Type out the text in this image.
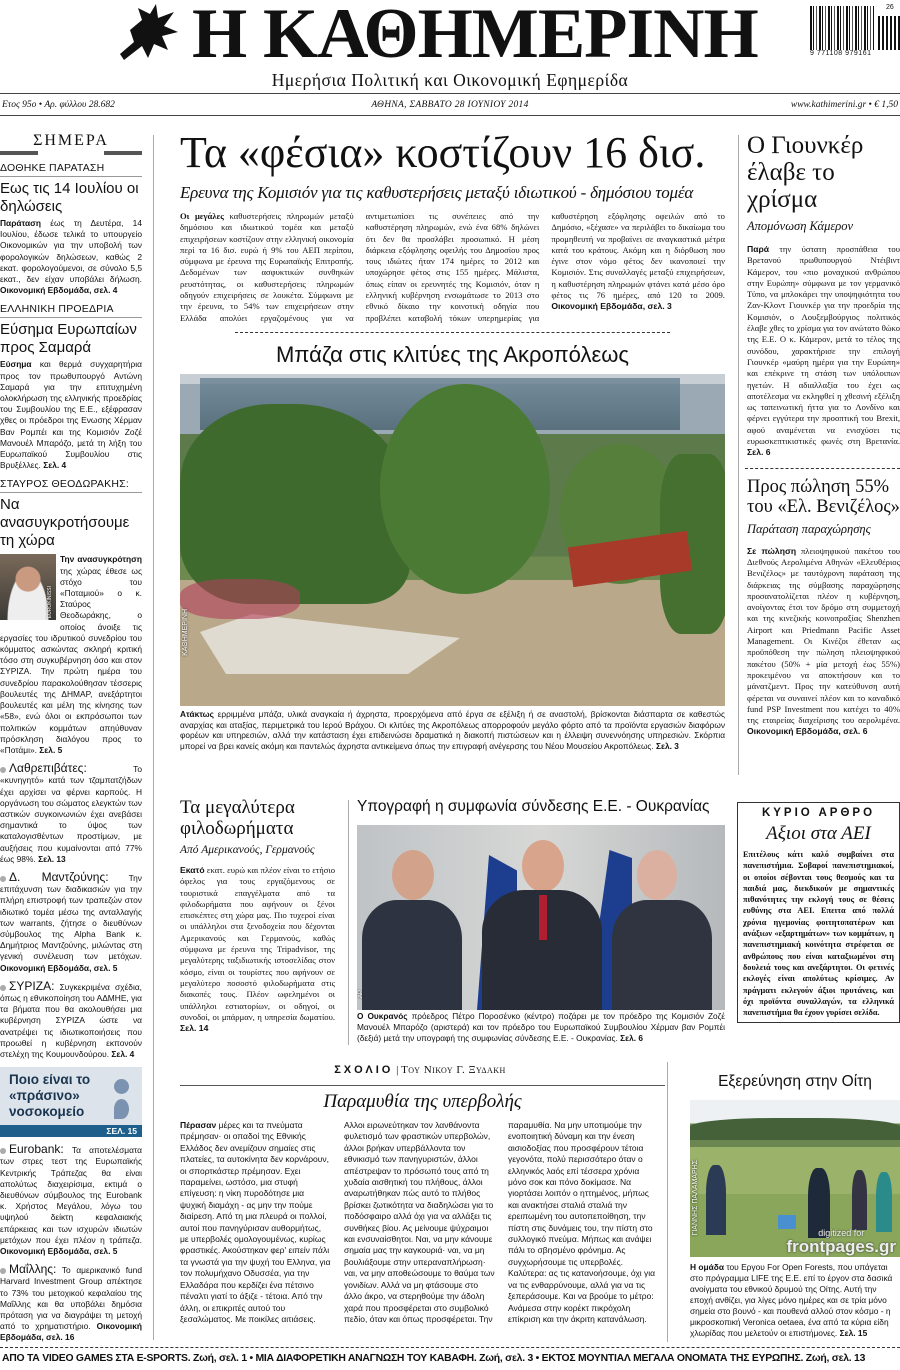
Η ΚΑΘΗΜΕΡΙΝΗ
Ημερήσια Πολιτική και Οικονομική Εφημερίδα
26
9 771108 979161
Ετος 95ο • Αρ. φύλλου 28.682	ΑΘΗΝΑ, ΣΑΒΒΑΤΟ 28 ΙΟΥΝΙΟΥ 2014	www.kathimerini.gr • € 1,50
ΣΗΜΕΡΑ
ΔΟΘΗΚΕ ΠΑΡΑΤΑΣΗ
Εως τις 14 Ιουλίου οι δηλώσεις
Παράταση έως τη Δευτέρα, 14 Ιουλίου, έδωσε τελικά το υπουργείο Οικονομικών για την υποβολή των φορολογικών δηλώσεων, καθώς 2 εκατ. φορολογούμενοι, σε σύνολο 5,5 εκατ., δεν είχαν υποβάλει δήλωση. Οικονομική Εβδομάδα, σελ. 4
ΕΛΛΗΝΙΚΗ ΠΡΟΕΔΡΙΑ
Εύσημα Ευρωπαίων προς Σαμαρά
Εύσημα και θερμά συγχαρητήρια προς τον πρωθυπουργό Αντώνη Σαμαρά για την επιτυχημένη ολοκλήρωση της ελληνικής προεδρίας του Συμβουλίου της Ε.Ε., εξέφρασαν χθες οι πρόεδροι της Ενωσης Χέρμαν Βαν Ρομπέι και της Κομισιόν Ζοζέ Μανουέλ Μπαρόζο, μετά τη λήξη του Ευρωπαϊκού Συμβουλίου στις Βρυξέλλες. Σελ. 4
ΣΤΑΥΡΟΣ ΘΕΟΔΩΡΑΚΗΣ:
Να ανασυγκροτήσουμε τη χώρα
EUROKINISSI
Την ανασυγκρότηση της χώρας έθεσε ως στόχο του «Ποταμιού» ο κ. Σταύρος Θεοδωράκης, ο οποίος άνοιξε τις εργασίες του ιδρυτικού συνεδρίου του κόμματος ασκώντας σκληρή κριτική τόσο στη συγκυβέρνηση όσο και στον ΣΥΡΙΖΑ. Την πρώτη ημέρα του συνεδρίου παρακολούθησαν τέσσερις βουλευτές της ΔΗΜΑΡ, ανεξάρτητοι βουλευτές και μέλη της κίνησης των «58», ενώ όλοι οι εκπρόσωποι των πολιτικών κομμάτων απηύθυναν πρόσκληση διαλόγου προς το «Ποτάμι». Σελ. 5
Λαθρεπιβάτες: Το «κυνηγητό» κατά των τζαμπατζήδων έχει αρχίσει να φέρνει καρπούς. Η οργάνωση του σώματος ελεγκτών των αστικών συγκοινωνιών έχει ανεβάσει σημαντικά το ύψος των καταλογισθέντων προστίμων, με αυξήσεις που κυμαίνονται από 77% έως 98%. Σελ. 13
Δ. Μαντζούνης: Την επιτάχυνση των διαδικασιών για την πλήρη επιστροφή των τραπεζών στον ιδιωτικό τομέα μέσω της ανταλλαγής των warrants, ζήτησε ο διευθύνων σύμβουλος της Alpha Bank κ. Δημήτριος Μαντζούνης, μιλώντας στη γενική συνέλευση των μετόχων. Οικονομική Εβδομάδα, σελ. 5
ΣΥΡΙΖΑ: Συγκεκριμένα σχέδια, όπως η εθνικοποίηση του ΑΔΜΗΕ, για τα βήματα που θα ακολουθήσει μια κυβέρνηση ΣΥΡΙΖΑ ώστε να ανατρέψει τις ιδιωτικοποιήσεις που προωθεί η κυβέρνηση εκπονούν στελέχη της Κουμουνδούρου. Σελ. 4
Ποιο είναι το «πράσινο» νοσοκομείο
ΣΕΛ. 15
Eurobank: Τα αποτελέσματα των στρες τεστ της Ευρωπαϊκής Κεντρικής Τράπεζας θα είναι απολύτως διαχειρίσιμα, εκτιμά ο διευθύνων σύμβουλος της Eurobank κ. Χρήστος Μεγάλου, λόγω του υψηλού δείκτη κεφαλαιακής επάρκειας και των ισχυρών ιδιωτών μετόχων που έχει πλέον η τράπεζα. Οικονομική Εβδομάδα, σελ. 5
Μαΐλλης: Το αμερικανικό fund Harvard Investment Group απέκτησε το 73% του μετοχικού κεφαλαίου της Μαΐλλης και θα υποβάλει δημόσια πρόταση για να διαγράψει τη μετοχή από το χρηματιστήριο. Οικονομική Εβδομάδα, σελ. 16
Τα «φέσια» κοστίζουν 16 δισ.
Ερευνα της Κομισιόν για τις καθυστερήσεις μεταξύ ιδιωτικού - δημόσιου τομέα
Οι μεγάλες καθυστερήσεις πληρωμών μεταξύ δημόσιου και ιδιωτικού τομέα και μεταξύ επιχειρήσεων κοστίζουν στην ελληνική οικονομία περί τα 16 δισ. ευρώ ή 9% του ΑΕΠ περίπου, σύμφωνα με έρευνα της Ευρωπαϊκής Επιτροπής. Δεδομένων των ασφυκτικών συνθηκών ρευστότητας, οι καθυστερήσεις πληρωμών οδηγούν επιχειρήσεις σε λουκέτα. Σύμφωνα με την έρευνα, το 54% των επιχειρήσεων στην Ελλάδα απολύει εργαζομένους για να αντιμετωπίσει τις συνέπειες από την καθυστέρηση πληρωμών, ενώ ένα 68% δηλώνει ότι δεν θα προσλάβει προσωπικό. Η μέση διάρκεια εξόφλησης οφειλής του Δημοσίου προς τους ιδιώτες ήταν 174 ημέρες το 2012 και υποχώρησε φέτος στις 155 ημέρες. Μάλιστα, όπως είπαν οι ερευνητές της Κομισιόν, όταν η ελληνική κυβέρνηση ενσωμάτωσε το 2013 στο εθνικό δίκαιο την κοινοτική οδηγία που προβλέπει καταβολή τόκων υπερημερίας για καθυστέρηση εξόφλησης οφειλών από το Δημόσιο, «ξέχασε» να περιλάβει το δικαίωμα του προμηθευτή να προβαίνει σε αναγκαστικά μέτρα κατά του κράτους. Ακόμη και η διόρθωση που έγινε στον νόμο φέτος δεν ικανοποιεί την Κομισιόν. Στις συναλλαγές μεταξύ επιχειρήσεων, η καθυστέρηση πληρωμών φτάνει κατά μέσο όρο φέτος τις 76 ημέρες, από 120 το 2009. Οικονομική Εβδομάδα, σελ. 3
Μπάζα στις κλιτύες της Ακροπόλεως
ΚΑΘΗΜΕΡΙΝΗ
Ατάκτως ερριμμένα μπάζα, υλικά αναγκαία ή άχρηστα, προερχόμενα από έργα σε εξέλιξη ή σε αναστολή, βρίσκονται διάσπαρτα σε καθεστώς αναρχίας και αταξίας, περιμετρικά του Ιερού Βράχου. Οι κλιτύες της Ακροπόλεως απορροφούν μεγάλο φόρτο από τα προϊόντα εργασιών διαφόρων φορέων και υπηρεσιών, αλλά την κατάσταση έχει επιδεινώσει δραματικά η διακοπή πιστώσεων και η έλλειψη συνεννόησης υπηρεσιών. Σκόρπια μπορεί να βρει κανείς ακόμη και παντελώς άχρηστα αντικείμενα όπως την επιγραφή ανέγερσης του Νέου Μουσείου Ακροπόλεως. Σελ. 3
Τα μεγαλύτερα φιλοδωρήματα
Από Αμερικανούς, Γερμανούς
Εκατό εκατ. ευρώ και πλέον είναι το ετήσιο όφελος για τους εργαζόμενους σε τουριστικά επαγγέλματα από τα φιλοδωρήματα που αφήνουν οι ξένοι επισκέπτες στη χώρα μας. Πιο τυχεροί είναι οι υπάλληλοι στα ξενοδοχεία που δέχονται Αμερικανούς και Γερμανούς, καθώς σύμφωνα με έρευνα της Tripadvisor, της μεγαλύτερης ταξιδιωτικής ιστοσελίδας στον κόσμο, είναι οι τουρίστες που αφήνουν σε μεγαλύτερο ποσοστό φιλοδωρήματα στις διακοπές τους. Πλέον ωφελημένοι οι υπάλληλοι εστιατορίων, οι οδηγοί, οι συνοδοί, οι μπάρμαν, η υπηρεσία δωματίου. Σελ. 14
Υπογραφή η συμφωνία σύνδεσης Ε.Ε. - Ουκρανίας
AP
Ο Ουκρανός πρόεδρος Πέτρο Ποροσένκο (κέντρο) ποζάρει με τον πρόεδρο της Κομισιόν Ζοζέ Μανουέλ Μπαρόζο (αριστερά) και τον πρόεδρο του Ευρωπαϊκού Συμβουλίου Χέρμαν βαν Ρομπέι (δεξιά) μετά την υπογραφή της συμφωνίας σύνδεσης Ε.Ε. - Ουκρανίας. Σελ. 6
Ο Γιουνκέρ έλαβε το χρίσμα
Απομόνωση Κάμερον
Παρά την ύστατη προσπάθεια του Βρετανού πρωθυπουργού Ντέιβιντ Κάμερον, του «πιο μοναχικού ανθρώπου στην Ευρώπη» σύμφωνα με τον γερμανικό Τύπο, να μπλοκάρει την υποψηφιότητα του Ζαν-Κλοντ Γιουνκέρ για την προεδρία της Κομισιόν, ο Λουξεμβούργιος πολιτικός έλαβε χθες το χρίσμα για τον ανώτατο θώκο της Ε.Ε. Ο κ. Κάμερον, μετά το τέλος της συνόδου, χαρακτήρισε την επιλογή Γιουνκέρ «μαύρη ημέρα για την Ευρώπη» και επέκρινε τη στάση των υπόλοιπων ηγετών. Η αδιαλλαξία του έχει ως αποτέλεσμα να εκληφθεί η χθεσινή εξέλιξη ως ταπεινωτική ήττα για το Λονδίνο και φέρνει εγγύτερα την προοπτική του Brexit, αφού αναμένεται να ενισχύσει τις ευρωσκεπτικιστικές φωνές στη Βρετανία. Σελ. 6
Προς πώληση 55% του «Ελ. Βενιζέλος»
Παράταση παραχώρησης
Σε πώληση πλειοψηφικού πακέτου του Διεθνούς Αερολιμένα Αθηνών «Ελευθέριος Βενιζέλος» με ταυτόχρονη παράταση της διάρκειας της σύμβασης παραχώρησης προσανατολίζεται πλέον η κυβέρνηση, ανοίγοντας έτσι τον δρόμο στη συμμετοχή και της κινεζικής κοινοπραξίας Shenzhen Airport και Priedmann Pacific Asset Management. Οι Κινέζοι έθεταν ως προϋπόθεση την πώληση πλειοψηφικού πακέτου (50% + μία μετοχή έως 55%) προκειμένου να αποκτήσουν και το μάνατζμεντ. Προς την κατεύθυνση αυτή φέρεται να συναινεί πλέον και το καναδικό fund PSP Investment που κατέχει το 40% της εταιρείας διαχείρισης του αερολιμένα. Οικονομική Εβδομάδα, σελ. 6
ΚΥΡΙΟ ΑΡΘΡΟ
Αξιοι στα ΑΕΙ
Επιτέλους κάτι καλό συμβαίνει στα πανεπιστήμια. Σοβαροί πανεπιστημιακοί, οι οποίοι σέβονται τους θεσμούς και τα παιδιά μας, διεκδικούν με σημαντικές πιθανότητες την εκλογή τους σε θέσεις ευθύνης στα ΑΕΙ. Επειτα από πολλά χρόνια ηγεμονίας φοιτητοπατέρων και ανάξιων «εξαρτημάτων» των κομμάτων, η πανεπιστημιακή κοινότητα στρέφεται σε ανθρώπους που είναι καταξιωμένοι στη δουλειά τους και ανεξάρτητοι. Οι φετινές εκλογές είναι απολύτως κρίσιμες. Αν πράγματι εκλεγούν άξιοι πρυτάνεις, και όχι προϊόντα συναλλαγών, τα ελληνικά πανεπιστήμια θα έχουν γυρίσει σελίδα.
ΣΧΟΛΙΟ | Του Νικου Γ. Ξυδακη
Παραμυθία της υπερβολής
Πέρασαν μέρες και τα πνεύματα πρέμησαν· οι οπαδοί της Εθνικής Ελλάδος δεν ανεμίζουν σημαίες στις πλατείες, τα αυτοκίνητα δεν κορνάρουν, οι σπορτκάστερ πρέμησαν. Εχει παραμείνει, ωστόσο, μια στυφή επίγευση: η νίκη πυροδότησε μια ψυχική διαμάχη - ας μην την πούμε διαίρεση. Από τη μια πλευρά οι πολλοί, αυτοί που πανηγύρισαν αυθορμήτως, με υπερβολές ομολογουμένως, κυρίως φραστικές. Ακούστηκαν φερ' ειπείν πάλι τα γνωστά για την ψυχή του Ελληνα, για τον πολυμήχανο Οδυσσέα, για την Ελλαδάρα που κερδίζει ένα πέτσινο πέναλτι γιατί το άξιζε - τέτοια. Από την άλλη, οι επικριτές αυτού του ξεσαλώματος. Με ποικίλες αιτιάσεις. Αλλοι ειρωνεύτηκαν τον λανθάνοντα φυλετισμό των φραστικών υπερβολών, άλλοι βρήκαν υπερβάλλοντα τον εθνικισμό των πανηγυριστών, άλλοι απέστρεψαν το πρόσωπό τους από τη χυδαία αισθητική του πλήθους, άλλοι αναρωτήθηκαν πώς αυτό το πλήθος βρίσκει ζωτικότητα να διαδηλώσει για το ποδόσφαιρο αλλά όχι για να αλλάξει τις συνθήκες βίου. Ας μείνουμε ψύχραιμοι και ενσυναίσθητοι. Ναι, να μην κάνουμε σημαία μας την καγκουριά· ναι, να μη βουλιάξουμε στην υπεραναπλήρωση· ναι, να μην αποθεώσουμε το θαύμα των γονιδίων. Αλλά να μη φτάσουμε στο άλλο άκρο, να στερηθούμε την άδολη χαρά που προσφέρεται στο συμβολικό πεδίο, όταν και όπως προσφέρεται. Την παραμυθία. Να μην υποτιμούμε την ενοποιητική δύναμη και την ένεση αισιοδοξίας που προσφέρουν τέτοια γεγονότα, πολύ περισσότερο όταν ο ελληνικός λαός επί τέσσερα χρόνια μόνο σοκ και πόνο δοκίμασε. Να γιορτάσει λοιπόν ο ηττημένος, μήπως και ανακτήσει σταλιά σταλιά την ερειπωμένη του αυτοπεποίθηση, την πίστη στις δυνάμεις του, την πίστη στο συλλογικό πνεύμα. Μήπως και ανάψει πάλι το σβησμένο φρόνημα. Ας συγχωρήσουμε τις υπερβολές. Καλύτερα: ας τις κατανοήσουμε, όχι για να τις ενθαρρύνουμε, αλλά για να τις ξεπεράσουμε. Και να βρούμε το μέτρο: Ανάμεσα στην κορέκτ πικρόχολη επίκριση και την άκριτη κατανάλωση.
Εξερεύνηση στην Οίτη
ΓΙΑΝΝΗΣ ΠΑΛΑΜΑΡΗΣ	digitized for
frontpages.gr
Η ομάδα του Εργου For Open Forests, που υπάγεται στο πρόγραμμα LIFE της Ε.Ε. επί το έργον στα δασικά ανοίγματα του εθνικού δρυμού της Οίτης. Αυτή την εποχή ανθίζει, για λίγες μόνο ημέρες και σε τρία μόνο σημεία στο βουνό - και πουθενά αλλού στον κόσμο - η μικροσκοπική Veronica oetaea, ένα από τα κύρια είδη χλωρίδας που μελετούν οι επιστήμονες. Σελ. 15
ΑΠΟ ΤΑ VIDEO GAMES ΣΤΑ E-SPORTS. Ζωή, σελ. 1 • ΜΙΑ ΔΙΑΦΟΡΕΤΙΚΗ ΑΝΑΓΝΩΣΗ ΤΟΥ ΚΑΒΑΦΗ. Ζωή, σελ. 3 • ΕΚΤΟΣ ΜΟΥΝΤΙΑΛ ΜΕΓΑΛΑ ΟΝΟΜΑΤΑ ΤΗΣ ΕΥΡΩΠΗΣ. Ζωή, σελ. 13
